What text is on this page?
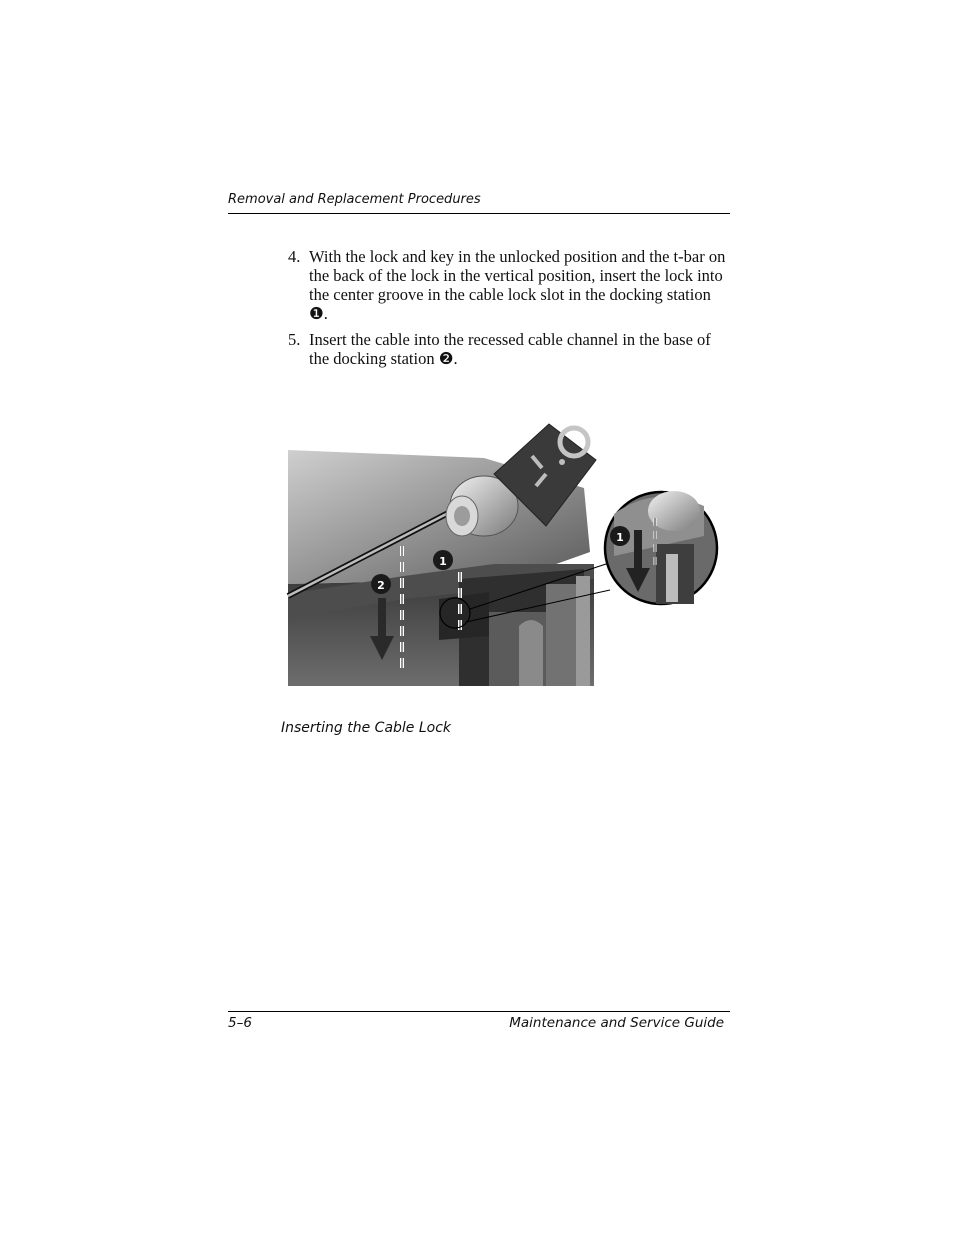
Removal and Replacement Procedures
4. With the lock and key in the unlocked position and the t-bar on the back of the lock in the vertical position, insert the lock into the center groove in the cable lock slot in the docking station ❶.
5. Insert the cable into the recessed cable channel in the base of the docking station ❷.
2
1
1
Inserting the Cable Lock
5–6	Maintenance and Service Guide
